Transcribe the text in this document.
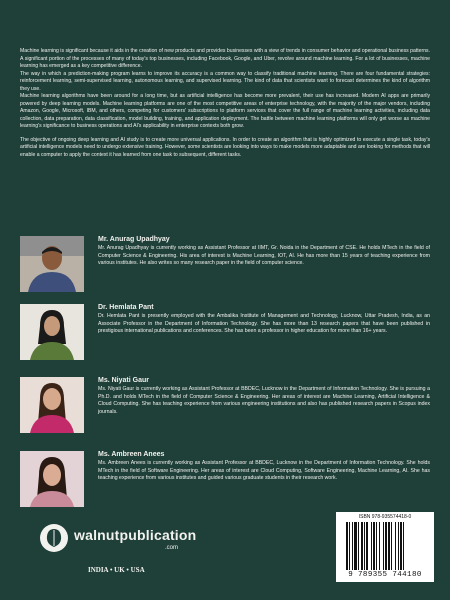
Machine learning is significant because it aids in the creation of new products and provides businesses with a view of trends in consumer behavior and operational business patterns. A significant portion of the processes of many of today's top businesses, including Facebook, Google, and Uber, revolve around machine learning. For a lot of businesses, machine learning has emerged as a key competitive difference.

The way in which a prediction-making program learns to improve its accuracy is a common way to classify traditional machine learning. There are four fundamental strategies: reinforcement learning, semi-supervised learning, autonomous learning, and supervised learning. The kind of data that scientists want to forecast determines the kind of algorithm they use.

Machine learning algorithms have been around for a long time, but as artificial intelligence has become more prevalent, their use has increased. Modern AI apps are primarily powered by deep learning models. Machine learning platforms are one of the most competitive areas of enterprise technology, with the majority of the major vendors, including Amazon, Google, Microsoft, IBM, and others, competing for customers' subscriptions to platform services that cover the full range of machine learning activities, including data collection, data preparation, data classification, model building, training, and application deployment. The battle between machine learning platforms will only get worse as machine learning's significance to business operations and AI's applicability in enterprise contexts both grow.

The objective of ongoing deep learning and AI study is to create more universal applications. In order to create an algorithm that is highly optimized to execute a single task, today's artificial intelligence models need to undergo extensive training. However, some scientists are looking into ways to make models more adaptable and are looking for methods that will enable a computer to apply the context it has learned from one task to subsequent, different tasks.

Mr. Anurag Upadhyay

Mr. Anurag Upadhyay is currently working as Assistant Professor at IIMT, Gr. Noida in the Department of CSE. He holds MTech in the field of Computer Science & Engineering. His area of interest is Machine Learning, IOT, AI. He has more than 15 years of teaching experience from various institutes. He also writes so many research paper in the field of computer science.

Dr. Hemlata Pant

Dr. Hemlata Pant is presently employed with the Ambalika Institute of Management and Technology, Lucknow, Uttar Pradesh, India, as an Associate Professor in the Department of Information Technology. She has more than 13 research papers that have been published in prestigious international publications and conferences. She has been a professor in higher education for more than 16+ years.

Ms. Niyati Gaur

Ms. Niyati Gaur is currently working as Assistant Professor at BBDEC, Lucknow in the Department of Information Technology. She is pursuing a Ph.D. and holds MTech in the field of Computer Science & Engineering. Her areas of interest are Machine Learning, Artificial Intelligence & Cloud Computing. She has teaching experience from various engineering institutions and also has published research papers in Scopus index journals.

Ms. Ambreen Anees

Ms. Ambreen Anees is currently working as Assistant Professor at BBDEC, Lucknow in the Department of Information Technology. She holds MTech in the field of Software Engineering. Her areas of interest are Cloud Computing, Software Engineering, Machine Learning, AI. She has teaching experience from various institutes and guided various graduate students in their research work.

walnutpublication
.com
INDIA • UK • USA
ISBN 978-935574418-0
9 789355 744180
